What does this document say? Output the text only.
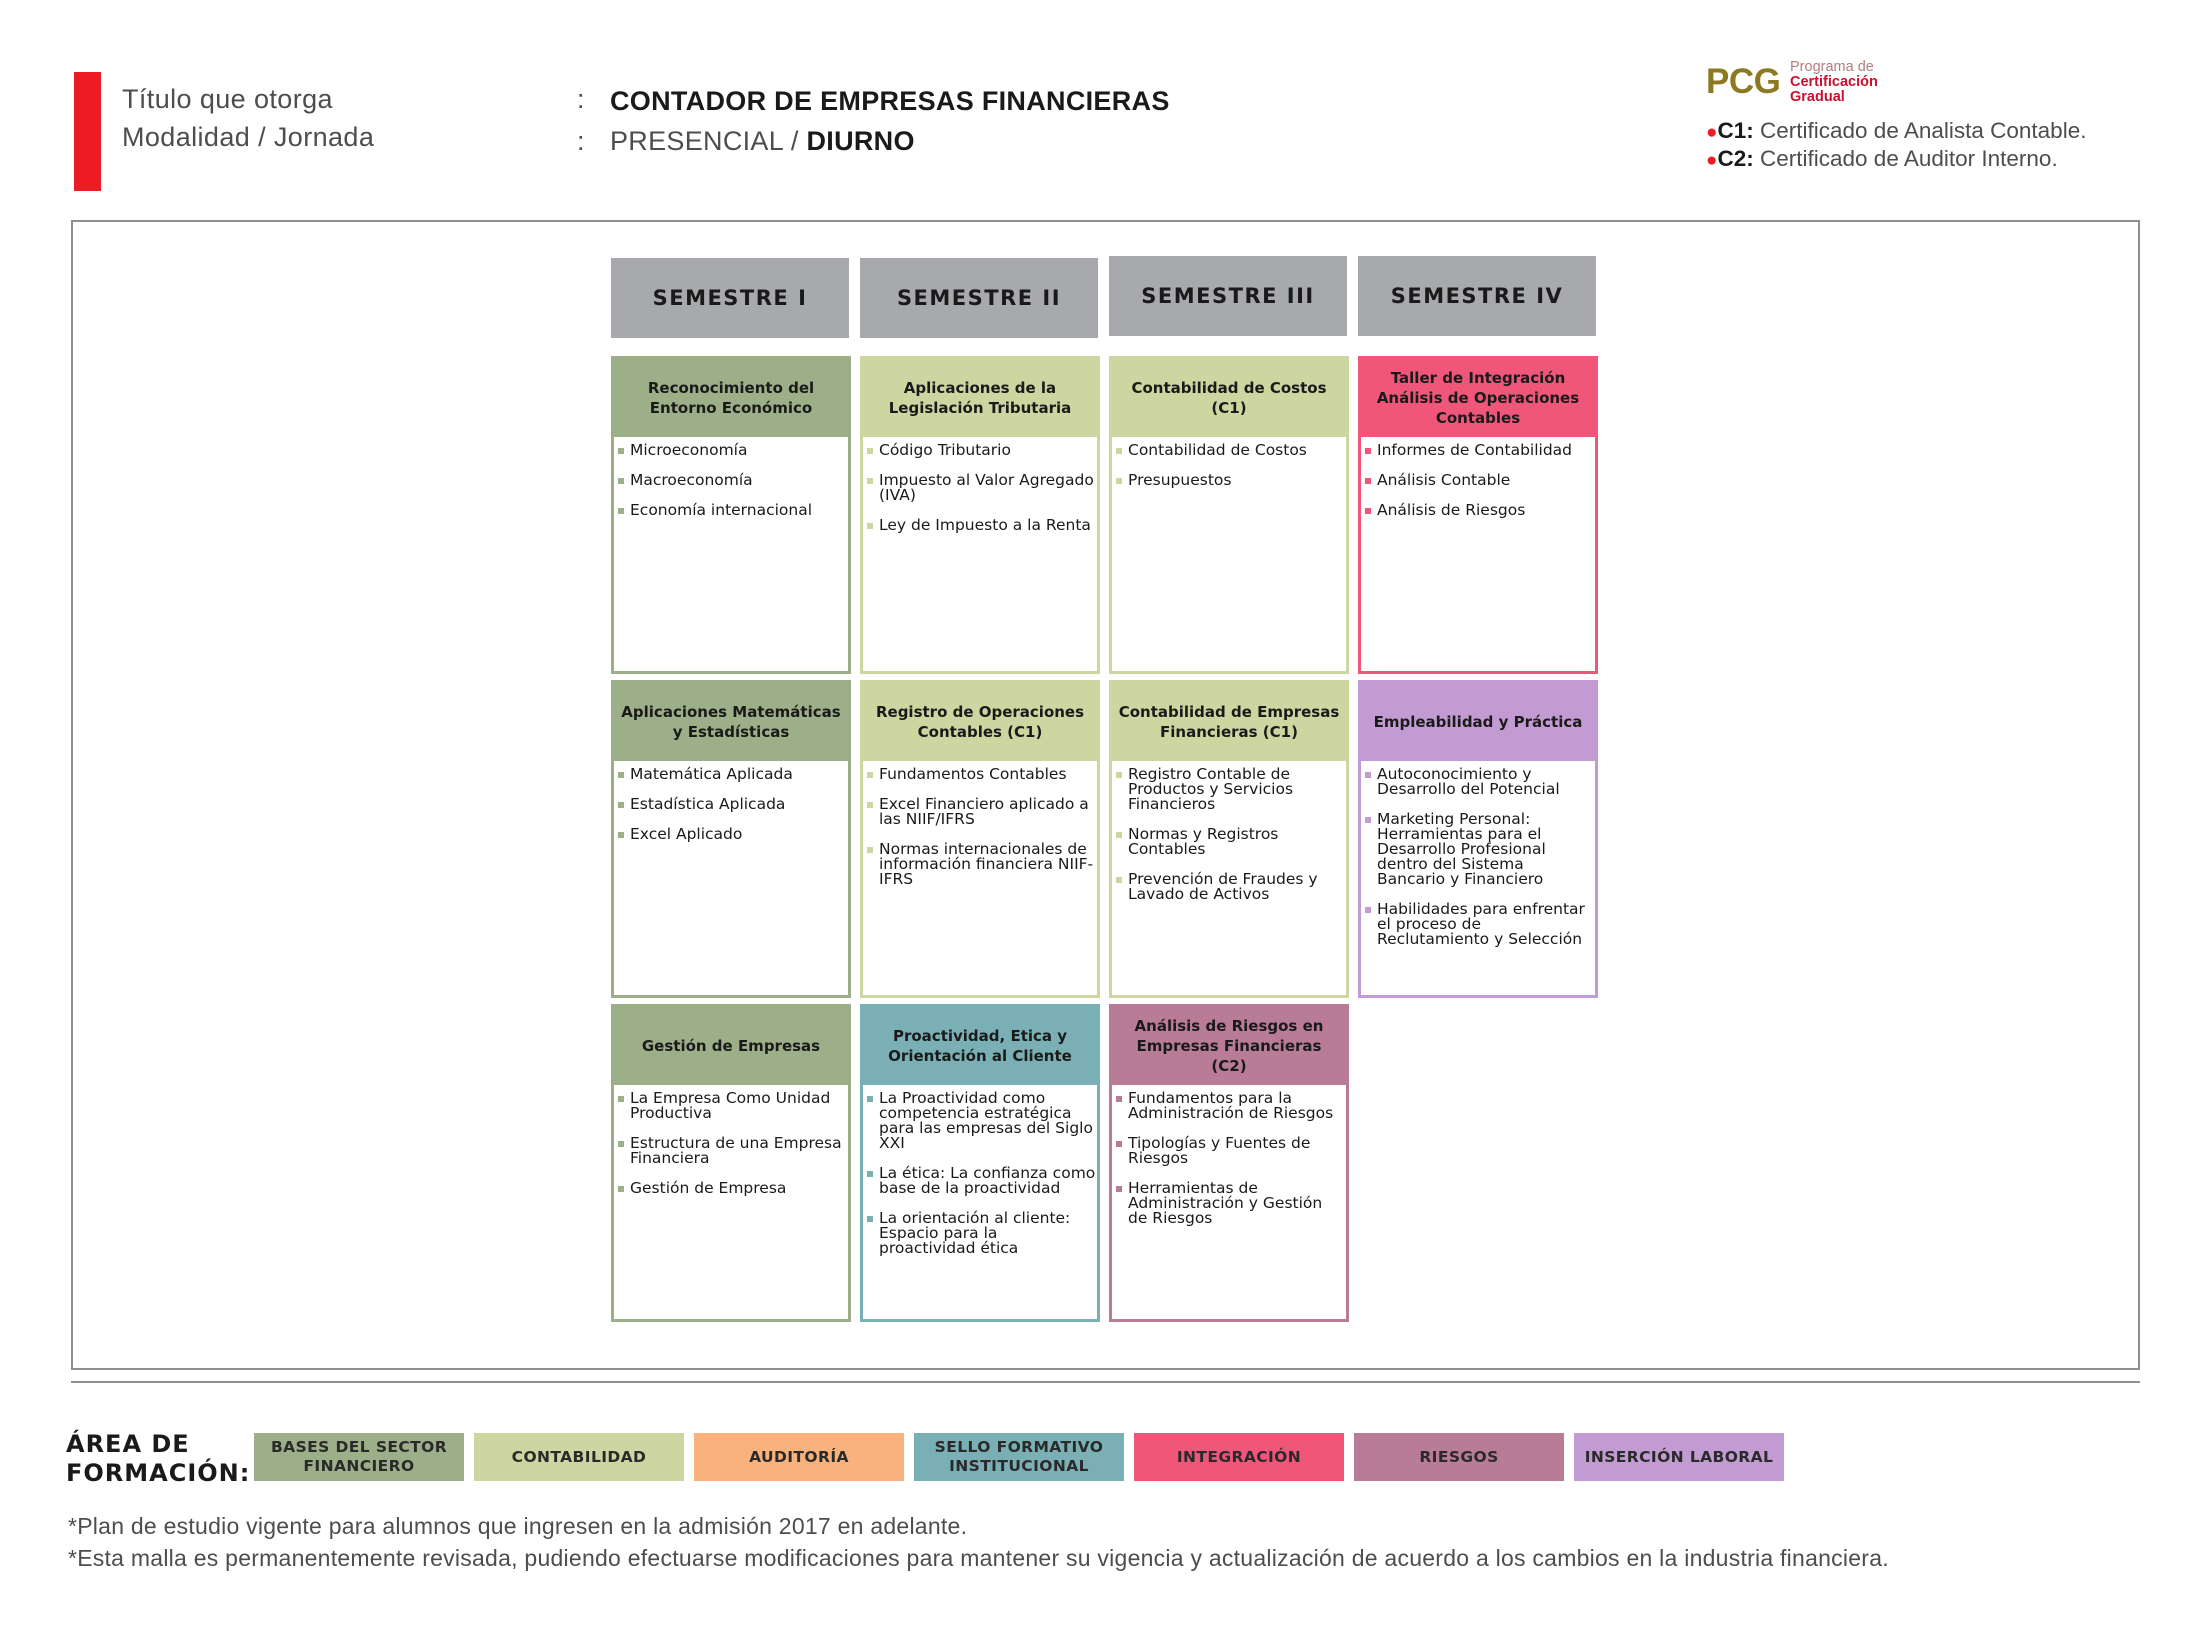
Título que otorga
Modalidad / Jornada
:
:
CONTADOR DE EMPRESAS FINANCIERAS
PRESENCIAL / DIURNO
PCG Programa de
Certificación
Gradual
●C1: Certificado de Analista Contable.
●C2: Certificado de Auditor Interno.
SEMESTRE I	SEMESTRE II	SEMESTRE III	SEMESTRE IV
Reconocimiento del Entorno Económico
Microeconomía
Macroeconomía
Economía internacional
Aplicaciones de la Legislación Tributaria
Código Tributario
Impuesto al Valor Agregado (IVA)
Ley de Impuesto a la Renta
Contabilidad de Costos (C1)
Contabilidad de Costos
Presupuestos
Taller de Integración Análisis de Operaciones Contables
Informes de Contabilidad
Análisis Contable
Análisis de Riesgos
Aplicaciones Matemáticas y Estadísticas
Matemática Aplicada
Estadística Aplicada
Excel Aplicado
Registro de Operaciones Contables (C1)
Fundamentos Contables
Excel Financiero aplicado a las NIIF/IFRS
Normas internacionales de información financiera NIIF-IFRS
Contabilidad de Empresas Financieras (C1)
Registro Contable de Productos y Servicios Financieros
Normas y Registros Contables
Prevención de Fraudes y Lavado de Activos
Empleabilidad y Práctica
Autoconocimiento y Desarrollo del Potencial
Marketing Personal: Herramientas para el Desarrollo Profesional dentro del Sistema Bancario y Financiero
Habilidades para enfrentar el proceso de Reclutamiento y Selección
Gestión de Empresas
La Empresa Como Unidad Productiva
Estructura de una Empresa Financiera
Gestión de Empresa
Proactividad, Etica y Orientación al Cliente
La Proactividad como competencia estratégica para las empresas del Siglo XXI
La ética: La confianza como base de la proactividad
La orientación al cliente: Espacio para la proactividad ética
Análisis de Riesgos en Empresas Financieras (C2)
Fundamentos para la Administración de Riesgos
Tipologías y Fuentes de Riesgos
Herramientas de Administración y Gestión de Riesgos
ÁREA DE
FORMACIÓN:
BASES DEL SECTOR FINANCIERO
CONTABILIDAD	AUDITORÍA
SELLO FORMATIVO INSTITUCIONAL
INTEGRACIÓN	RIESGOS	INSERCIÓN LABORAL
*Plan de estudio vigente para alumnos que ingresen en la admisión 2017 en adelante.
*Esta malla es permanentemente revisada, pudiendo efectuarse modificaciones para mantener su vigencia y actualización de acuerdo a los cambios en la industria financiera.
